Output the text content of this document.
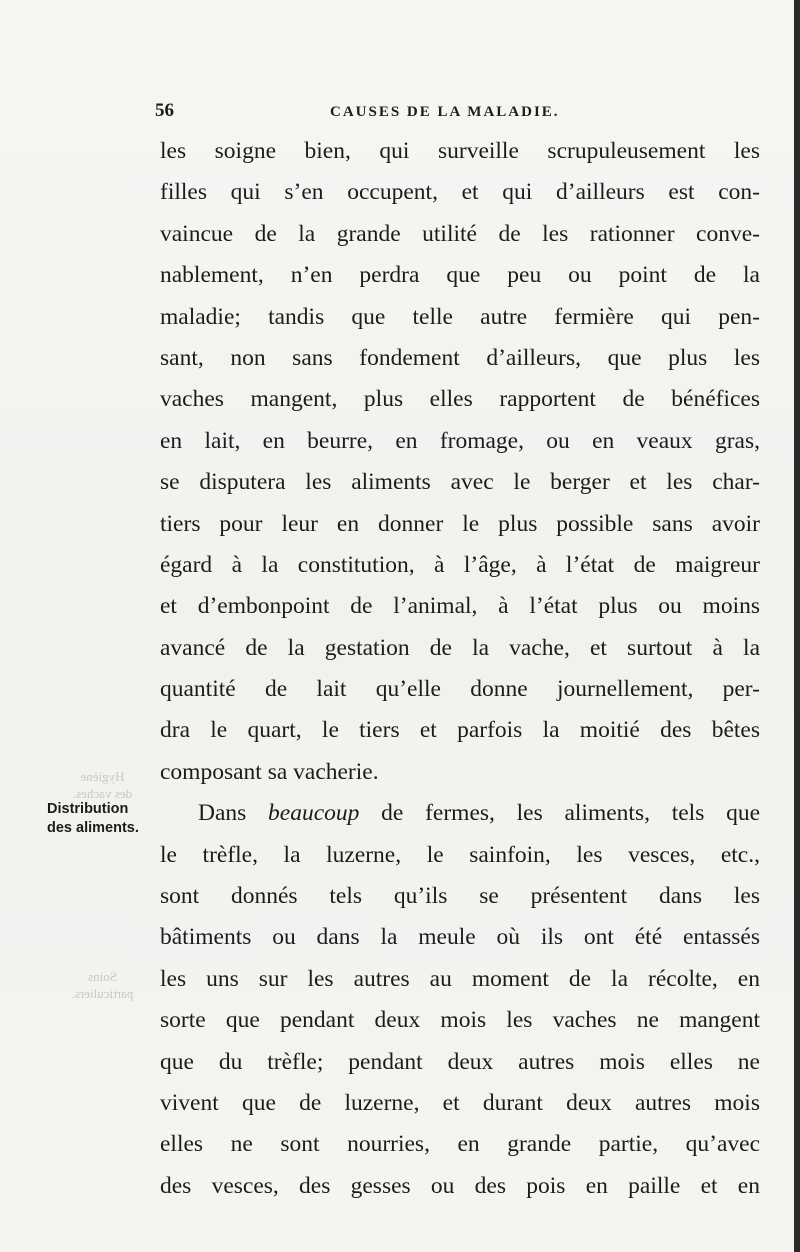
Hygiène
des vaches.
Soins
particuliers.
56	CAUSES DE LA MALADIE.
Distribution
des aliments.
les soigne bien, qui surveille scrupuleusement les
filles qui s’en occupent, et qui d’ailleurs est con-
vaincue de la grande utilité de les rationner conve-
nablement, n’en perdra que peu ou point de la
maladie; tandis que telle autre fermière qui pen-
sant, non sans fondement d’ailleurs, que plus les
vaches mangent, plus elles rapportent de bénéfices
en lait, en beurre, en fromage, ou en veaux gras,
se disputera les aliments avec le berger et les char-
tiers pour leur en donner le plus possible sans avoir
égard à la constitution, à l’âge, à l’état de maigreur
et d’embonpoint de l’animal, à l’état plus ou moins
avancé de la gestation de la vache, et surtout à la
quantité de lait qu’elle donne journellement, per-
dra le quart, le tiers et parfois la moitié des bêtes
composant sa vacherie.
Dans beaucoup de fermes, les aliments, tels que
le trèfle, la luzerne, le sainfoin, les vesces, etc.,
sont donnés tels qu’ils se présentent dans les
bâtiments ou dans la meule où ils ont été entassés
les uns sur les autres au moment de la récolte, en
sorte que pendant deux mois les vaches ne mangent
que du trèfle; pendant deux autres mois elles ne
vivent que de luzerne, et durant deux autres mois
elles ne sont nourries, en grande partie, qu’avec
des vesces, des gesses ou des pois en paille et en
